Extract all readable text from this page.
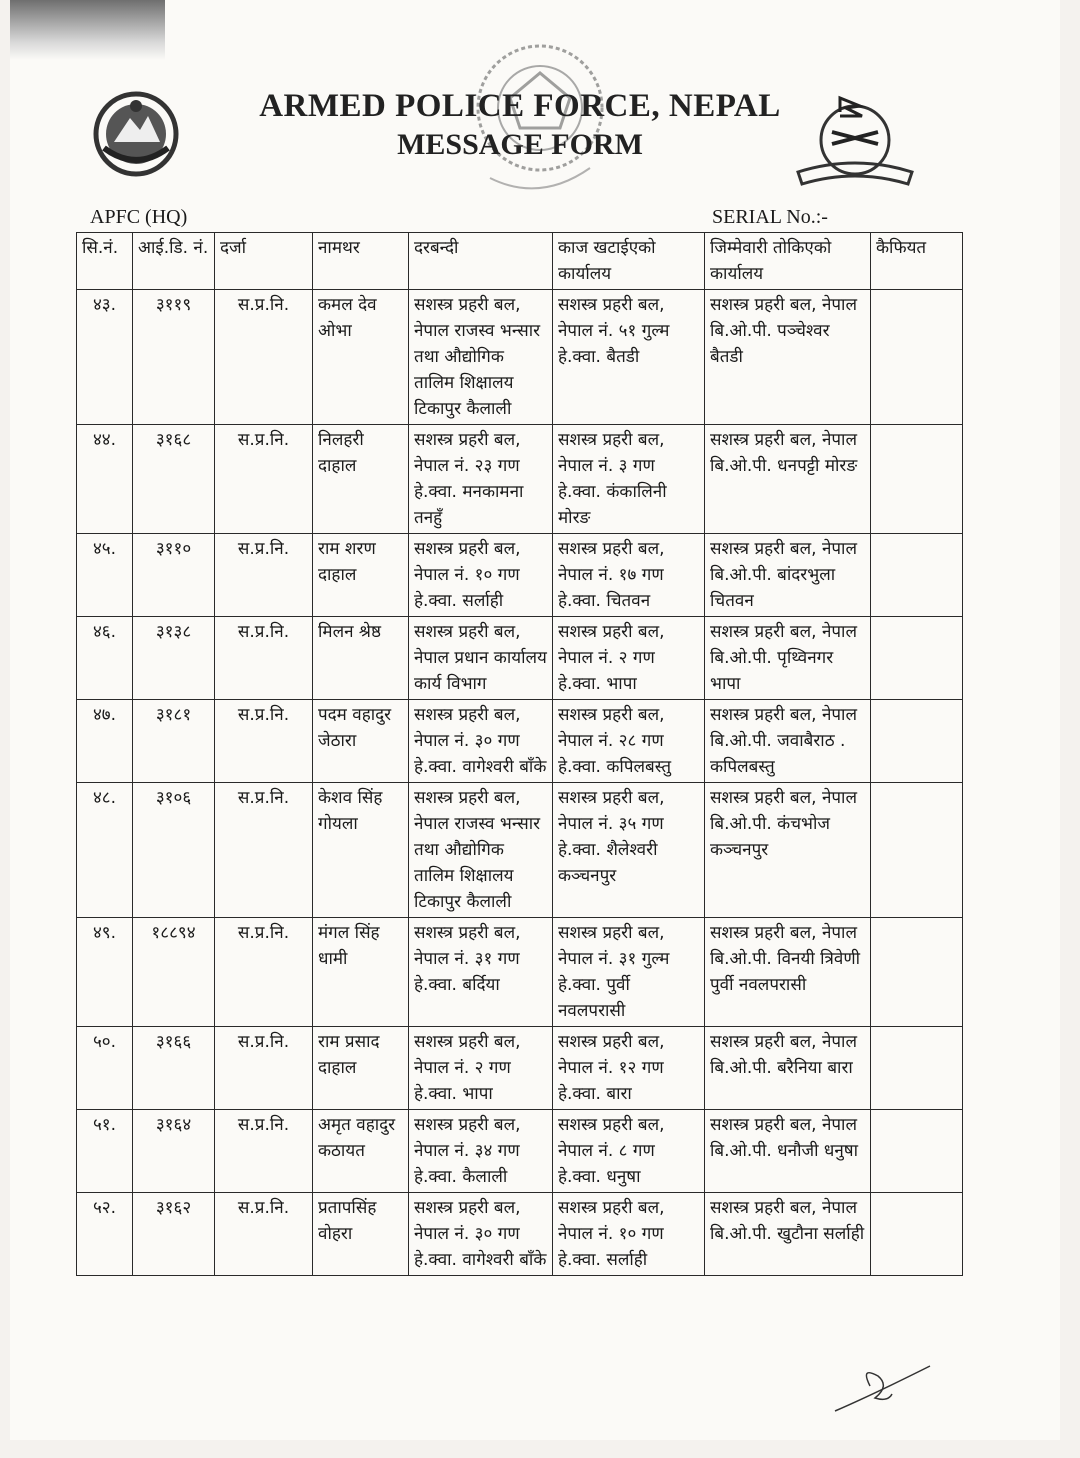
ARMED POLICE FORCE, NEPAL
MESSAGE FORM
APFC (HQ)	SERIAL No.:-
सि.नं.	आई.डि. नं.	दर्जा	नामथर	दरबन्दी	काज खटाईएको कार्यालय	जिम्मेवारी तोकिएको कार्यालय	कैफियत
४३.	३११९	स.प्र.नि.	कमल देव ओभा	सशस्त्र प्रहरी बल, नेपाल राजस्व भन्सार तथा औद्योगिक तालिम शिक्षालय टिकापुर कैलाली	सशस्त्र प्रहरी बल, नेपाल नं. ५१ गुल्म हे.क्वा. बैतडी	सशस्त्र प्रहरी बल, नेपाल बि.ओ.पी. पञ्चेश्वर बैतडी	
४४.	३१६८	स.प्र.नि.	निलहरी दाहाल	सशस्त्र प्रहरी बल, नेपाल नं. २३ गण हे.क्वा. मनकामना तनहुँ	सशस्त्र प्रहरी बल, नेपाल नं. ३ गण हे.क्वा. कंकालिनी मोरङ	सशस्त्र प्रहरी बल, नेपाल बि.ओ.पी. धनपट्टी मोरङ	
४५.	३११०	स.प्र.नि.	राम शरण दाहाल	सशस्त्र प्रहरी बल, नेपाल नं. १० गण हे.क्वा. सर्लाही	सशस्त्र प्रहरी बल, नेपाल नं. १७ गण हे.क्वा. चितवन	सशस्त्र प्रहरी बल, नेपाल बि.ओ.पी. बांदरभुला चितवन	
४६.	३१३८	स.प्र.नि.	मिलन श्रेष्ठ	सशस्त्र प्रहरी बल, नेपाल प्रधान कार्यालय कार्य विभाग	सशस्त्र प्रहरी बल, नेपाल नं. २ गण हे.क्वा. भापा	सशस्त्र प्रहरी बल, नेपाल बि.ओ.पी. पृथ्विनगर भापा	
४७.	३१८१	स.प्र.नि.	पदम वहादुर जेठारा	सशस्त्र प्रहरी बल, नेपाल नं. ३० गण हे.क्वा. वागेश्वरी बाँके	सशस्त्र प्रहरी बल, नेपाल नं. २८ गण हे.क्वा. कपिलबस्तु	सशस्त्र प्रहरी बल, नेपाल बि.ओ.पी. जवाबैराठ . कपिलबस्तु	
४८.	३१०६	स.प्र.नि.	केशव सिंह गोयला	सशस्त्र प्रहरी बल, नेपाल राजस्व भन्सार तथा औद्योगिक तालिम शिक्षालय टिकापुर कैलाली	सशस्त्र प्रहरी बल, नेपाल नं. ३५ गण हे.क्वा. शैलेश्वरी कञ्चनपुर	सशस्त्र प्रहरी बल, नेपाल बि.ओ.पी. कंचभोज कञ्चनपुर	
४९.	१८८९४	स.प्र.नि.	मंगल सिंह धामी	सशस्त्र प्रहरी बल, नेपाल नं. ३१ गण हे.क्वा. बर्दिया	सशस्त्र प्रहरी बल, नेपाल नं. ३१ गुल्म हे.क्वा. पुर्वी नवलपरासी	सशस्त्र प्रहरी बल, नेपाल बि.ओ.पी. विनयी त्रिवेणी पुर्वी नवलपरासी	
५०.	३१६६	स.प्र.नि.	राम प्रसाद दाहाल	सशस्त्र प्रहरी बल, नेपाल नं. २ गण हे.क्वा. भापा	सशस्त्र प्रहरी बल, नेपाल नं. १२ गण हे.क्वा. बारा	सशस्त्र प्रहरी बल, नेपाल बि.ओ.पी. बरैनिया बारा	
५१.	३१६४	स.प्र.नि.	अमृत वहादुर कठायत	सशस्त्र प्रहरी बल, नेपाल नं. ३४ गण हे.क्वा. कैलाली	सशस्त्र प्रहरी बल, नेपाल नं. ८ गण हे.क्वा. धनुषा	सशस्त्र प्रहरी बल, नेपाल बि.ओ.पी. धनौजी धनुषा	
५२.	३१६२	स.प्र.नि.	प्रतापसिंह वोहरा	सशस्त्र प्रहरी बल, नेपाल नं. ३० गण हे.क्वा. वागेश्वरी बाँके	सशस्त्र प्रहरी बल, नेपाल नं. १० गण हे.क्वा. सर्लाही	सशस्त्र प्रहरी बल, नेपाल बि.ओ.पी. खुटौना सर्लाही	
